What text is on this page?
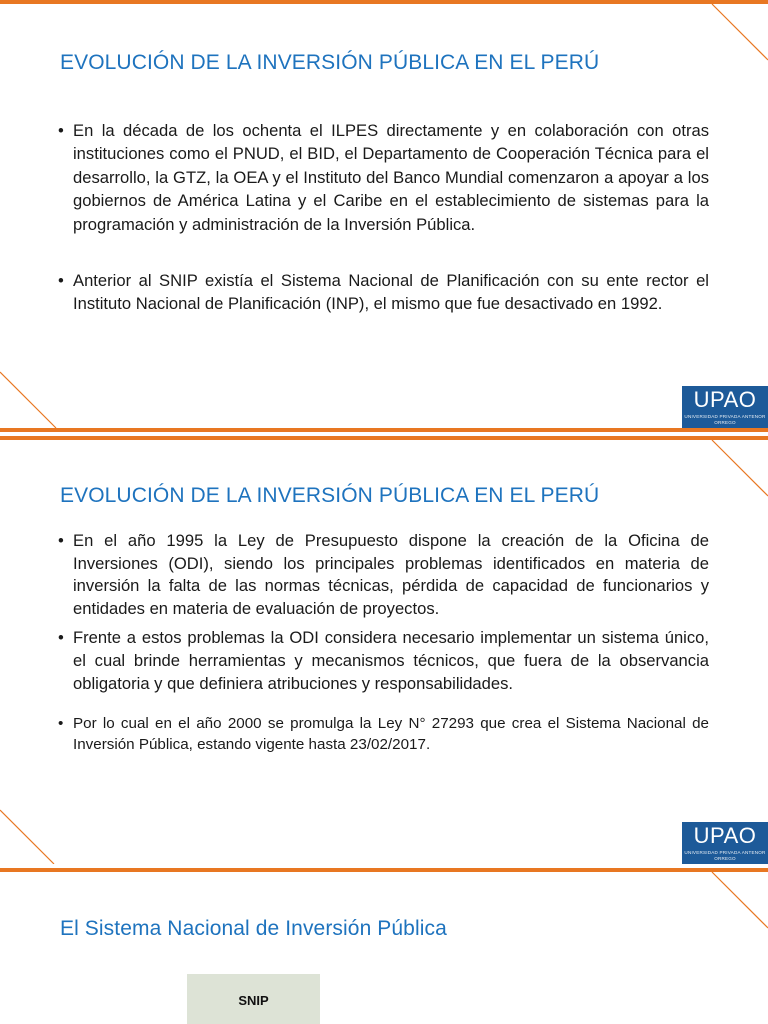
EVOLUCIÓN DE LA INVERSIÓN PÚBLICA EN EL PERÚ
• En la década de los ochenta el ILPES directamente y en colaboración con otras instituciones como el PNUD, el BID, el Departamento de Cooperación Técnica para el desarrollo, la GTZ, la OEA y el Instituto del Banco Mundial comenzaron a apoyar a los gobiernos de América Latina y el Caribe en el establecimiento de sistemas para la programación y administración de la Inversión Pública.
• Anterior al SNIP existía el Sistema Nacional de Planificación con su ente rector el Instituto Nacional de Planificación (INP), el mismo que fue desactivado en 1992.
UPAO
UNIVERSIDAD PRIVADA ANTENOR ORREGO
EVOLUCIÓN DE LA INVERSIÓN PÚBLICA EN EL PERÚ
• En el año 1995 la Ley de Presupuesto dispone la creación de la Oficina de Inversiones (ODI), siendo los principales problemas identificados en materia de inversión la falta de las normas técnicas, pérdida de capacidad de funcionarios y entidades en materia de evaluación de proyectos.
• Frente a estos problemas la ODI considera necesario implementar un sistema único, el cual brinde herramientas y mecanismos técnicos, que fuera de la observancia obligatoria y que definiera atribuciones y responsabilidades.
• Por lo cual en el año 2000 se promulga la Ley N° 27293 que crea el Sistema Nacional de Inversión Pública, estando vigente hasta 23/02/2017.
UPAO
UNIVERSIDAD PRIVADA ANTENOR ORREGO
El Sistema Nacional de Inversión Pública
SNIP
